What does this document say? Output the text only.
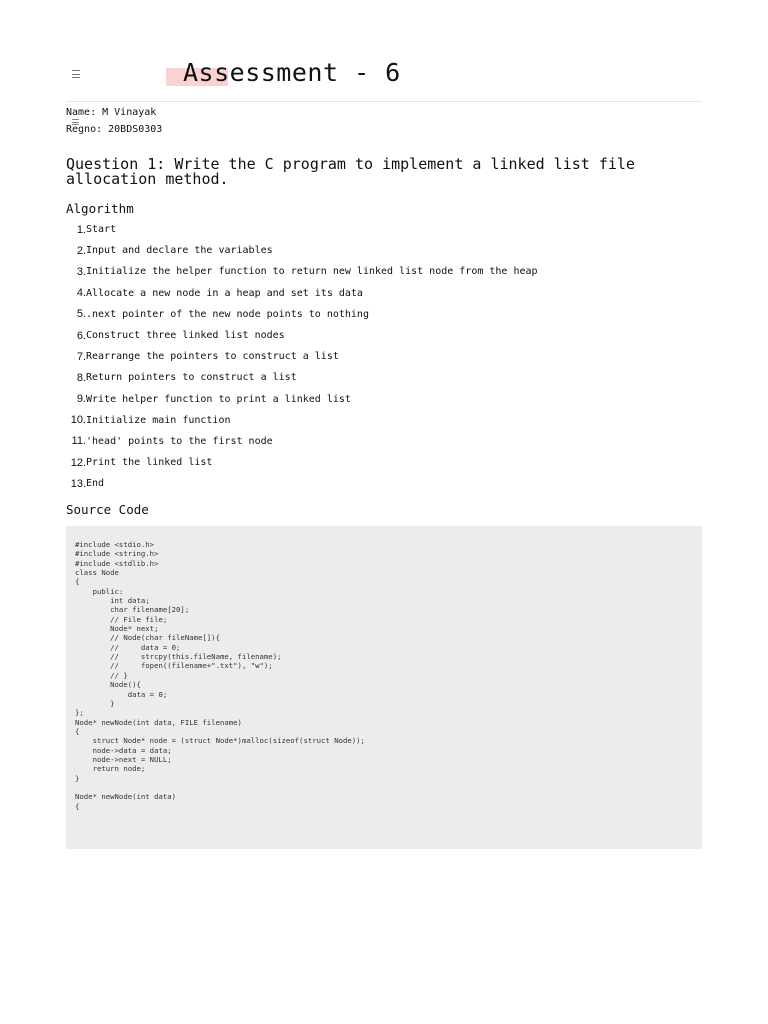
Assessment - 6
Name: M Vinayak
Regno: 20BDS0303
Question 1: Write the C program to implement a linked list file allocation method.
Algorithm
1. Start
2. Input and declare the variables
3. Initialize the helper function to return new linked list node from the heap
4. Allocate a new node in a heap and set its data
5. .next pointer of the new node points to nothing
6. Construct three linked list nodes
7. Rearrange the pointers to construct a list
8. Return pointers to construct a list
9. Write helper function to print a linked list
10. Initialize main function
11. 'head' points to the first node
12. Print the linked list
13. End
Source Code
#include <stdio.h>
#include <string.h>
#include <stdlib.h>
class Node
{
public:
int data;
char filename[20];
// File file;
Node* next;
// Node(char fileName[]){
//     data = 0;
//     strcpy(this.fileName, filename);
//     fopen((filename+".txt"), "w");
// }
Node(){
data = 0;
}
};
Node* newNode(int data, FILE filename)
{
struct Node* node = (struct Node*)malloc(sizeof(struct Node));
node->data = data;
node->next = NULL;
return node;
}

Node* newNode(int data)
{
